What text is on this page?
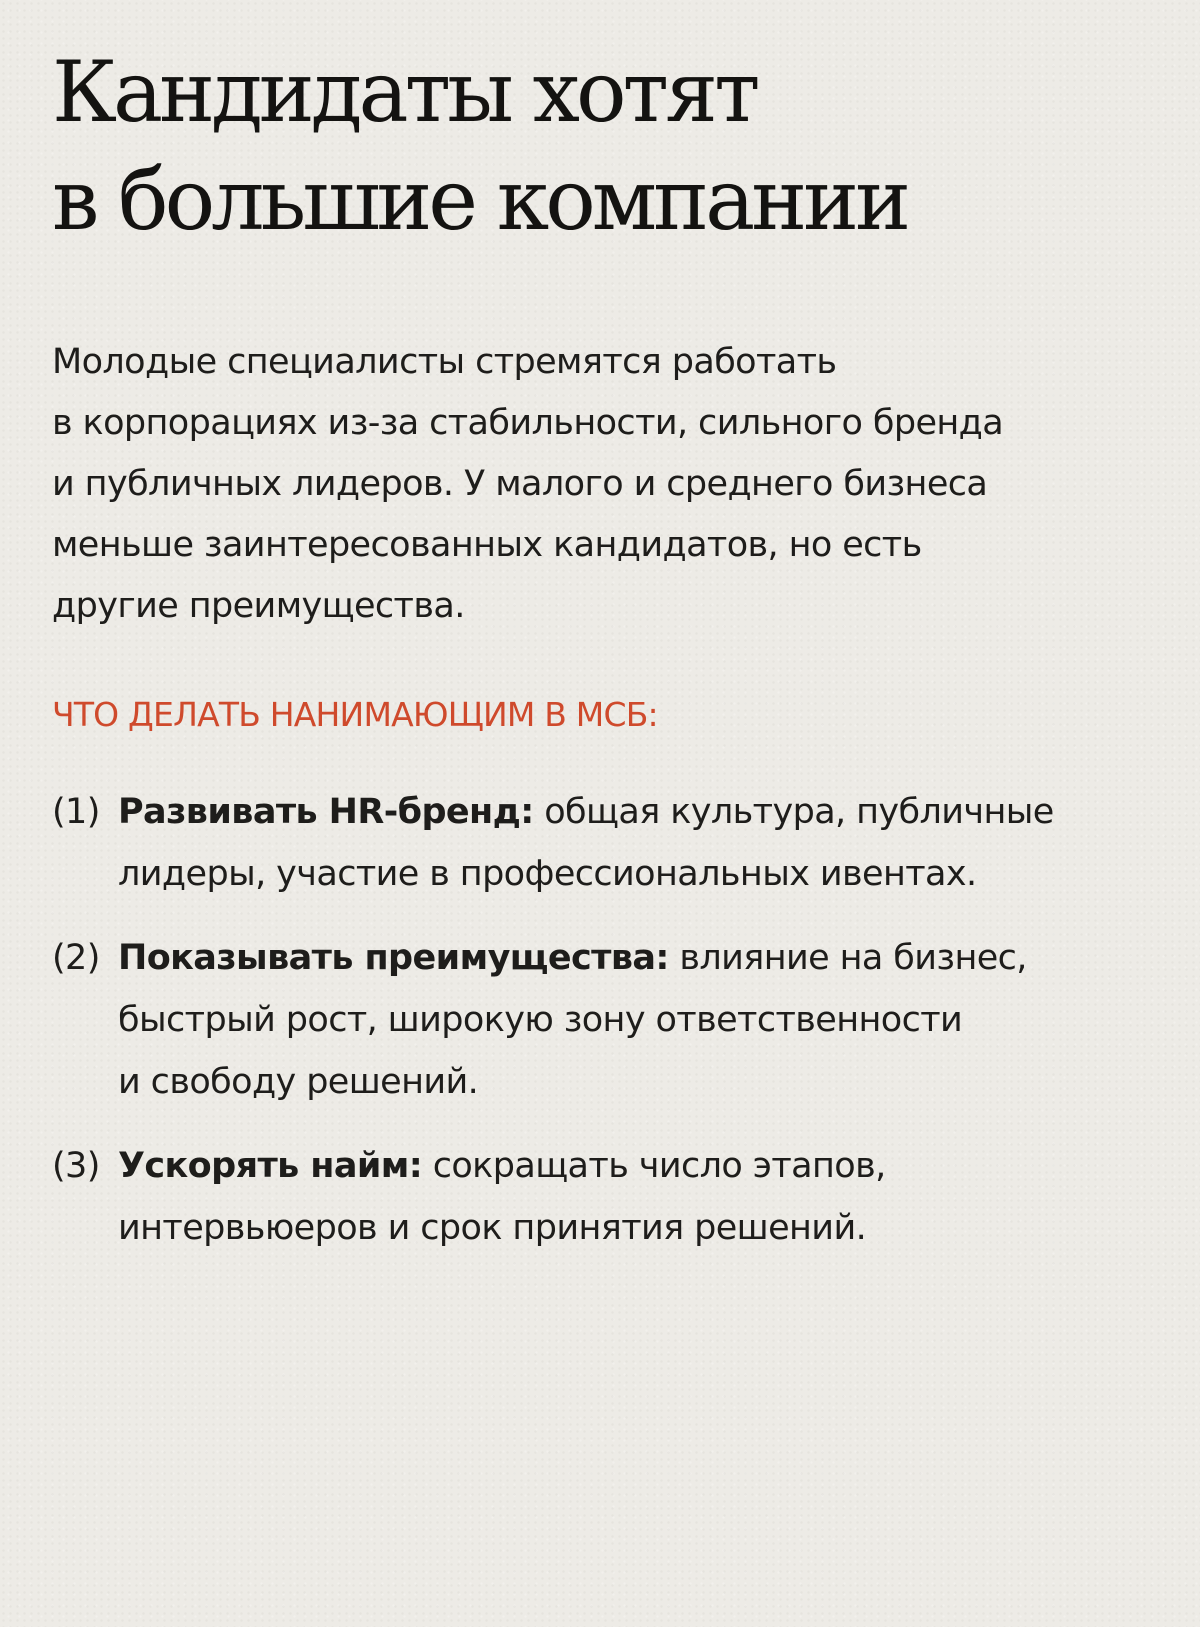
Кандидаты хотят
в большие компании

Молодые специалисты стремятся работать
в корпорациях из-за стабильности, сильного бренда
и публичных лидеров. У малого и среднего бизнеса
меньше заинтересованных кандидатов, но есть
другие преимущества.

ЧТО ДЕЛАТЬ НАНИМАЮЩИМ В МСБ:
(1) Развивать HR-бренд: общая культура, публичные
лидеры, участие в профессиональных ивентах.
(2) Показывать преимущества: влияние на бизнес,
быстрый рост, широкую зону ответственности
и свободу решений.
(3) Ускорять найм: сокращать число этапов,
интервьюеров и срок принятия решений.
